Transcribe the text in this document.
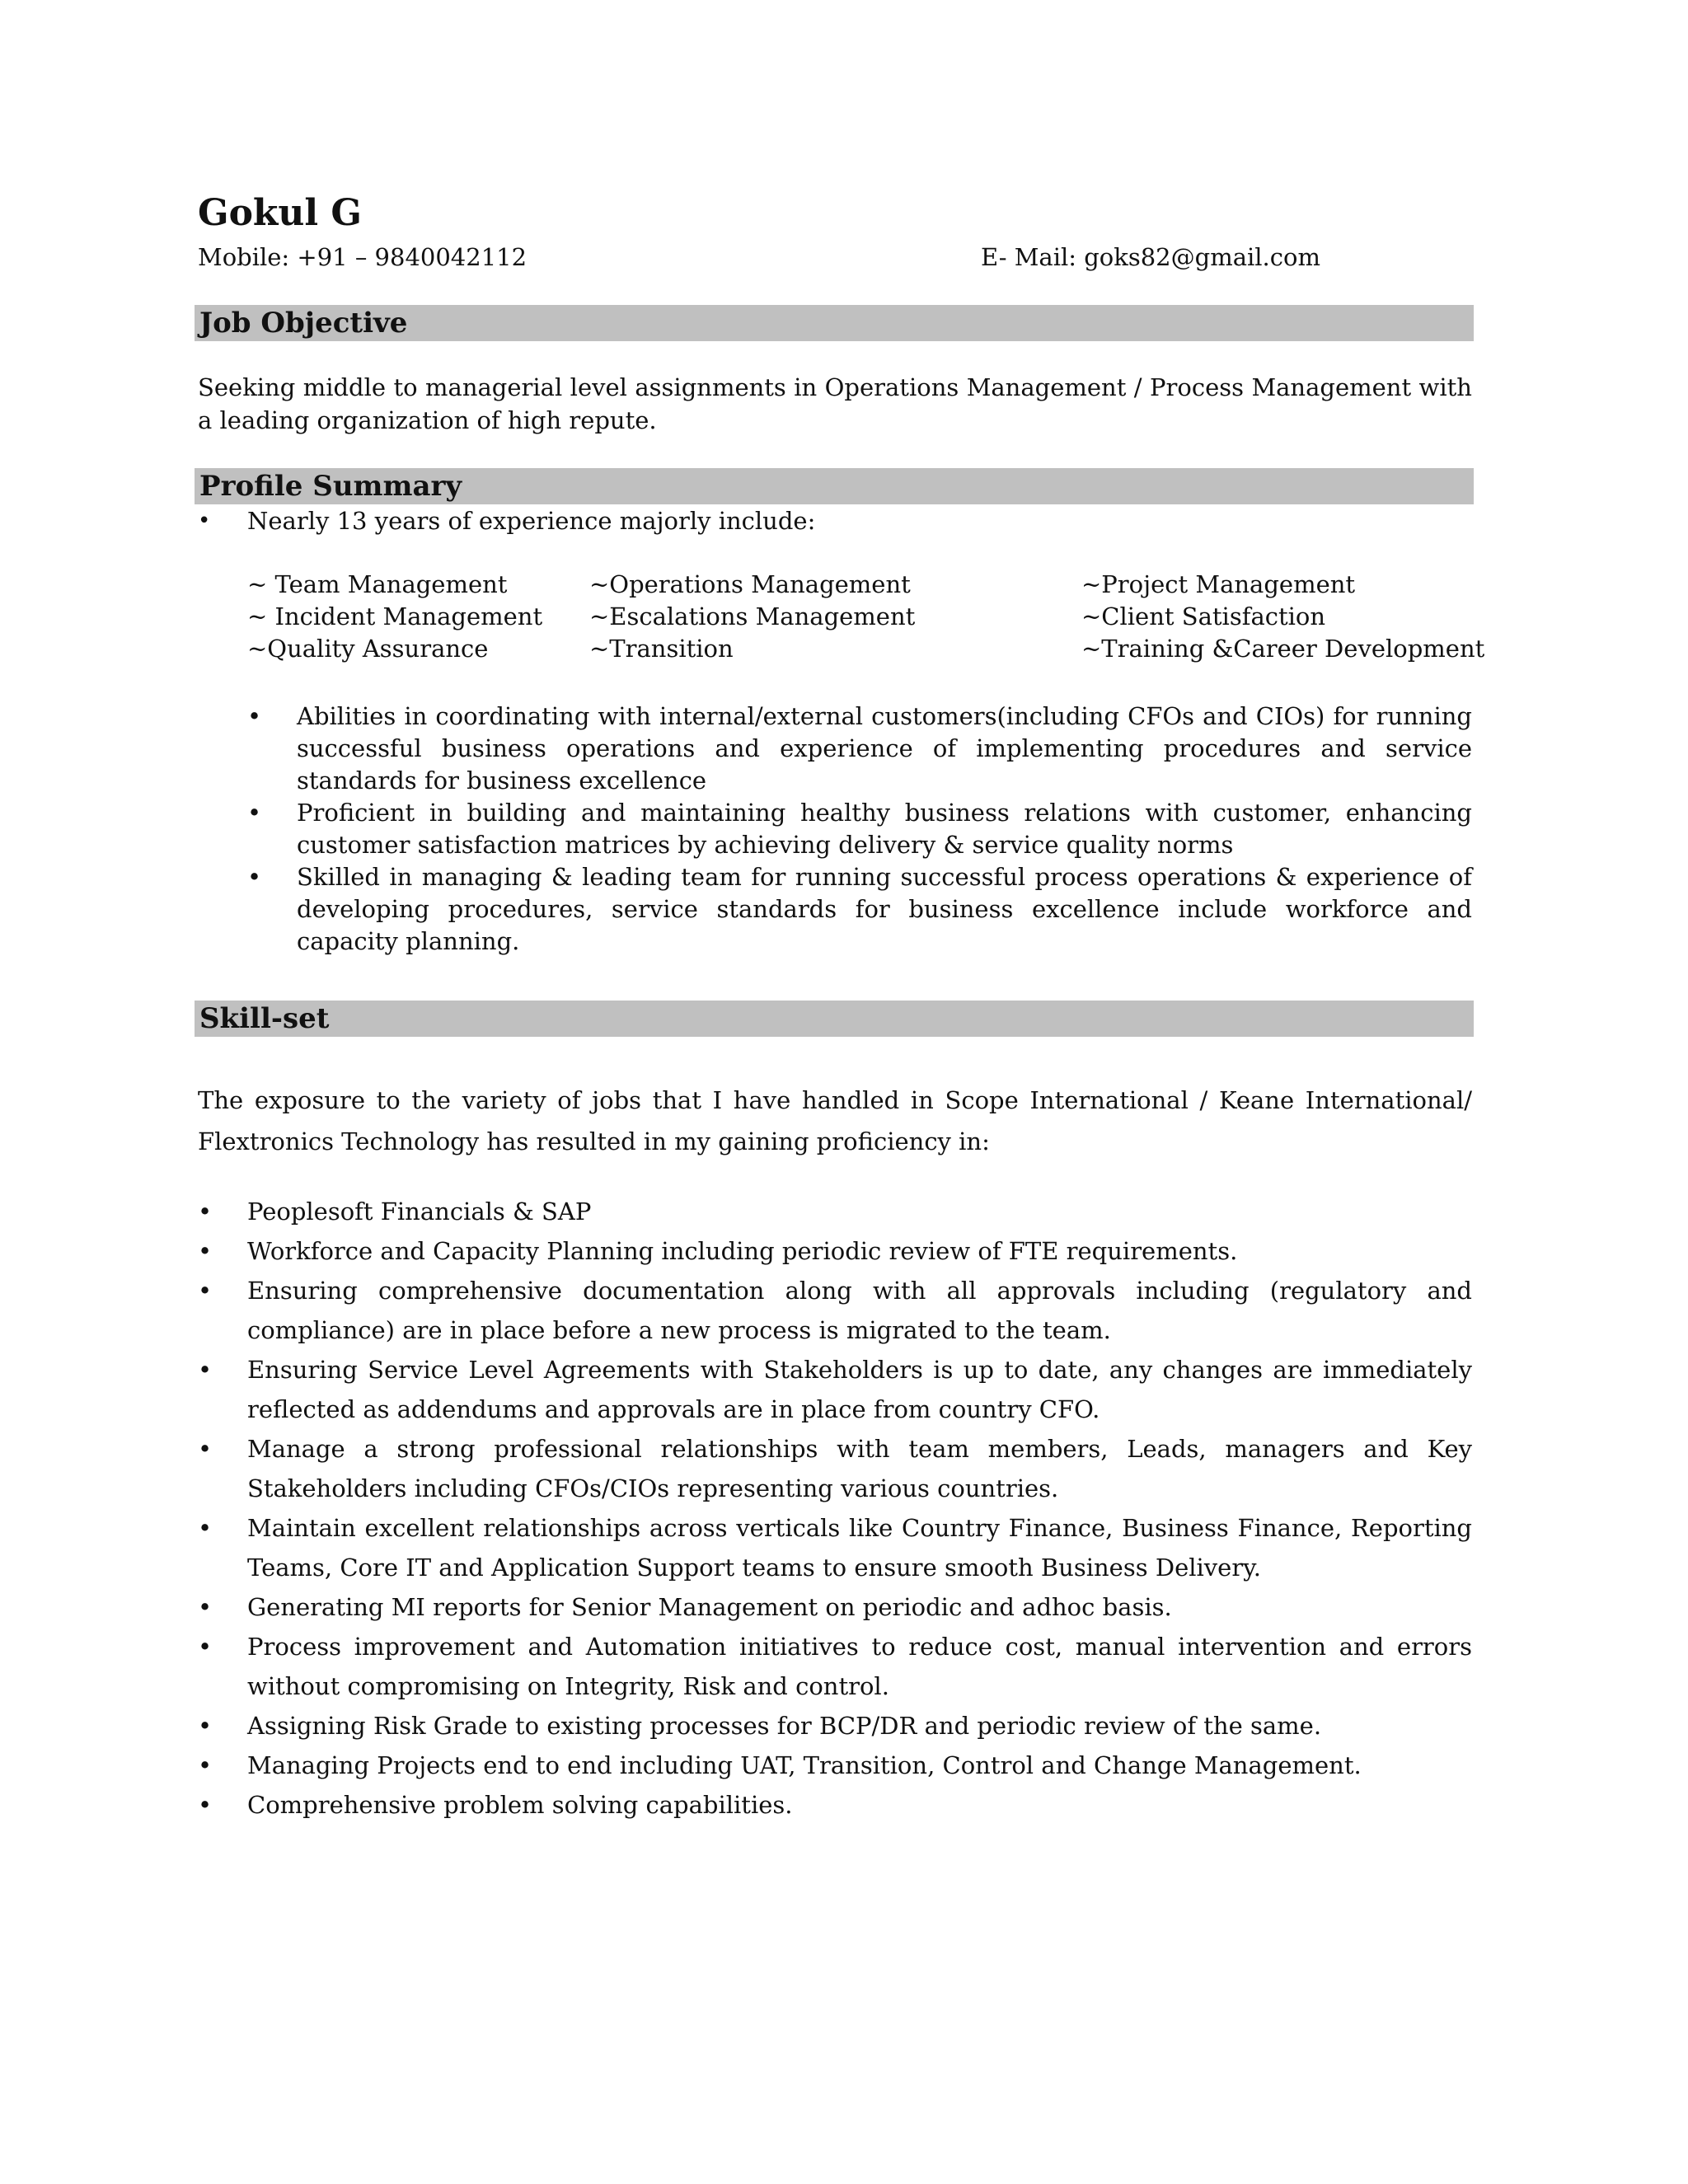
Gokul G
Mobile: +91 – 9840042112	E- Mail: goks82@gmail.com
Job Objective
Seeking middle to managerial level assignments in Operations Management / Process Management with a leading organization of high repute.
Profile Summary
• Nearly 13 years of experience majorly include:
~ Team Management	~Operations Management	~Project Management
~ Incident Management ~Escalations Management	~Client Satisfaction
~Quality Assurance	~Transition	~Training &Career Development
• Abilities in coordinating with internal/external customers(including CFOs and CIOs) for running successful business operations and experience of implementing procedures and service standards for business excellence
• Proficient in building and maintaining healthy business relations with customer, enhancing customer satisfaction matrices by achieving delivery & service quality norms
• Skilled in managing & leading team for running successful process operations & experience of developing procedures, service standards for business excellence include workforce and capacity planning.
Skill-set
The exposure to the variety of jobs that I have handled in Scope International / Keane International/ Flextronics Technology has resulted in my gaining proficiency in:
• Peoplesoft Financials & SAP
• Workforce and Capacity Planning including periodic review of FTE requirements.
• Ensuring comprehensive documentation along with all approvals including (regulatory and compliance) are in place before a new process is migrated to the team.
• Ensuring Service Level Agreements with Stakeholders is up to date, any changes are immediately reflected as addendums and approvals are in place from country CFO.
• Manage a strong professional relationships with team members, Leads, managers and Key Stakeholders including CFOs/CIOs representing various countries.
• Maintain excellent relationships across verticals like Country Finance, Business Finance, Reporting Teams, Core IT and Application Support teams to ensure smooth Business Delivery.
• Generating MI reports for Senior Management on periodic and adhoc basis.
• Process improvement and Automation initiatives to reduce cost, manual intervention and errors without compromising on Integrity, Risk and control.
• Assigning Risk Grade to existing processes for BCP/DR and periodic review of the same.
• Managing Projects end to end including UAT, Transition, Control and Change Management.
• Comprehensive problem solving capabilities.
